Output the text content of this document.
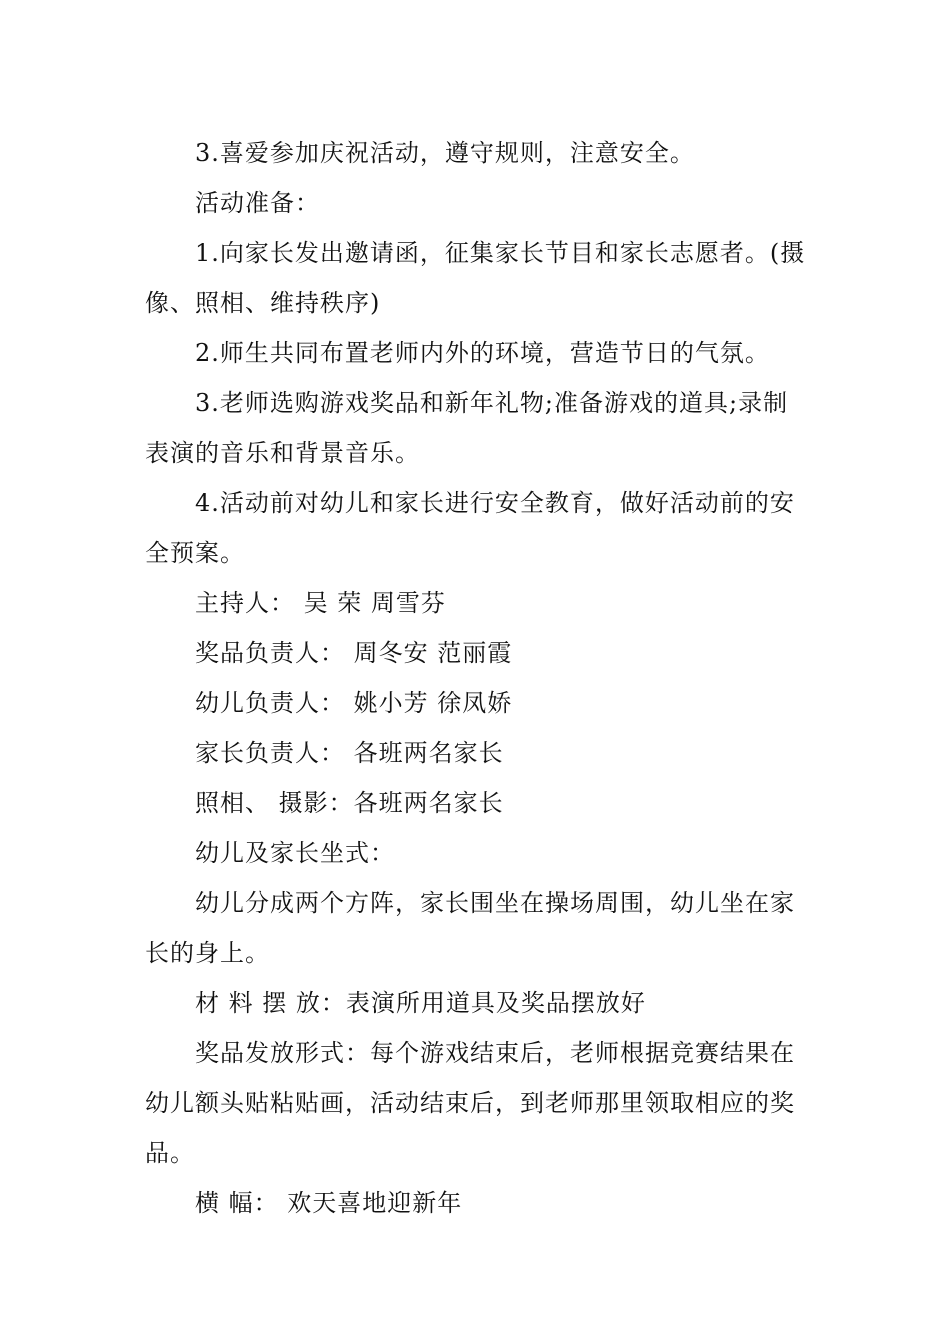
3.喜爱参加庆祝活动，遵守规则，注意安全。

活动准备：

1.向家长发出邀请函，征集家长节目和家长志愿者。(摄像、照相、维持秩序)

2.师生共同布置老师内外的环境，营造节日的气氛。

3.老师选购游戏奖品和新年礼物;准备游戏的道具;录制表演的音乐和背景音乐。

4.活动前对幼儿和家长进行安全教育，做好活动前的安全预案。

主持人： 吴 荣 周雪芬

奖品负责人： 周冬安 范丽霞

幼儿负责人： 姚小芳 徐凤娇

家长负责人： 各班两名家长

照相、 摄影：各班两名家长

幼儿及家长坐式：

幼儿分成两个方阵，家长围坐在操场周围，幼儿坐在家长的身上。

材 料 摆 放：表演所用道具及奖品摆放好

奖品发放形式：每个游戏结束后，老师根据竞赛结果在幼儿额头贴粘贴画，活动结束后，到老师那里领取相应的奖品。

横 幅： 欢天喜地迎新年
